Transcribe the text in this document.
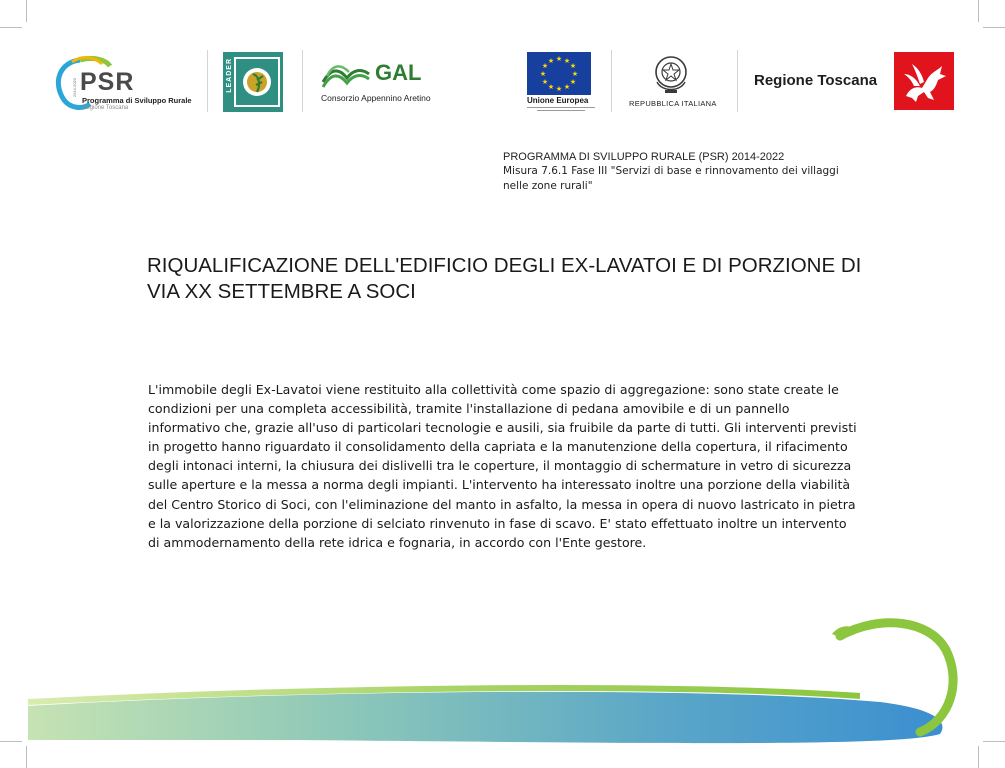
2014-2020 PSR
Programma di Sviluppo Rurale
Regione Toscana
LEADER	GAL
Consorzio Appennino Aretino
★ ★
★
★
★
★
★
★
★
★
★
★
Unione Europea	REPUBBLICA ITALIANA
Regione Toscana
PROGRAMMA DI SVILUPPO RURALE (PSR) 2014-2022
Misura 7.6.1 Fase III "Servizi di base e rinnovamento dei villaggi nelle zone rurali"
RIQUALIFICAZIONE DELL'EDIFICIO DEGLI EX-LAVATOI E DI PORZIONE DI VIA XX SETTEMBRE A SOCI

L'immobile degli Ex-Lavatoi viene restituito alla collettività come spazio di aggregazione: sono state create le condizioni per una completa accessibilità, tramite l'installazione di pedana amovibile e di un pannello informativo che, grazie all'uso di particolari tecnologie e ausili, sia fruibile da parte di tutti. Gli interventi previsti in progetto hanno riguardato il consolidamento della capriata e la manutenzione della copertura, il rifacimento degli intonaci interni, la chiusura dei dislivelli tra le coperture, il montaggio di schermature in vetro di sicurezza sulle aperture e la messa a norma degli impianti. L'intervento ha interessato inoltre una porzione della viabilità del Centro Storico di Soci, con l'eliminazione del manto in asfalto, la messa in opera di nuovo lastricato in pietra e la valorizzazione della porzione di selciato rinvenuto in fase di scavo. E' stato effettuato inoltre un intervento di ammodernamento della rete idrica e fognaria, in accordo con l'Ente gestore.
